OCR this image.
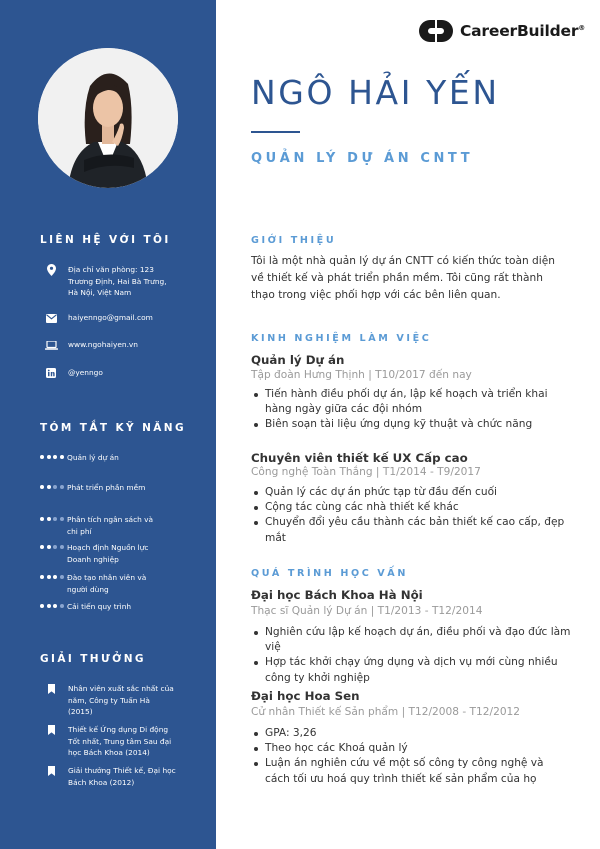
LIÊN HỆ VỚI TÔI
Địa chỉ văn phòng: 123
Trương Định, Hai Bà Trưng,
Hà Nội, Việt Nam
haiyenngo@gmail.com
www.ngohaiyen.vn
@yenngo
TÓM TẮT KỸ NĂNG
Quản lý dự án
Phát triển phần mềm
Phân tích ngân sách và
chi phí
Hoạch định Nguồn lực
Doanh nghiệp
Đào tạo nhân viên và
người dùng
Cải tiến quy trình
GIẢI THƯỞNG
Nhân viên xuất sắc nhất của
năm, Công ty Tuấn Hà
(2015)
Thiết kế Ứng dụng Di động
Tốt nhất, Trung tâm Sau đại
học Bách Khoa (2014)
Giải thưởng Thiết kế, Đại học
Bách Khoa (2012)
CareerBuilder®
NGÔ HẢI YẾN
QUẢN LÝ DỰ ÁN CNTT
GIỚI THIỆU
Tôi là một nhà quản lý dự án CNTT có kiến thức toàn diện về thiết kế và phát triển phần mềm. Tôi cũng rất thành thạo trong việc phối hợp với các bên liên quan.
KINH NGHIỆM LÀM VIỆC
Quản lý Dự án
Tập đoàn Hưng Thịnh | T10/2017 đến nay
Tiến hành điều phối dự án, lập kế hoạch và triển khai hàng ngày giữa các đội nhóm
Biên soạn tài liệu ứng dụng kỹ thuật và chức năng
Chuyên viên thiết kế UX Cấp cao
Công nghệ Toàn Thắng | T1/2014 - T9/2017
Quản lý các dự án phức tạp từ đầu đến cuối
Cộng tác cùng các nhà thiết kế khác
Chuyển đổi yêu cầu thành các bản thiết kế cao cấp, đẹp mắt
QUÁ TRÌNH HỌC VẤN
Đại học Bách Khoa Hà Nội
Thạc sĩ Quản lý Dự án | T1/2013 - T12/2014
Nghiên cứu lập kế hoạch dự án, điều phối và đạo đức làm việ
Hợp tác khởi chạy ứng dụng và dịch vụ mới cùng nhiều công ty khởi nghiệp
Đại học Hoa Sen
Cử nhân Thiết kế Sản phẩm | T12/2008 - T12/2012
GPA: 3,26
Theo học các Khoá quản lý
Luận án nghiên cứu về một số công ty công nghệ và cách tối ưu hoá quy trình thiết kế sản phẩm của họ
